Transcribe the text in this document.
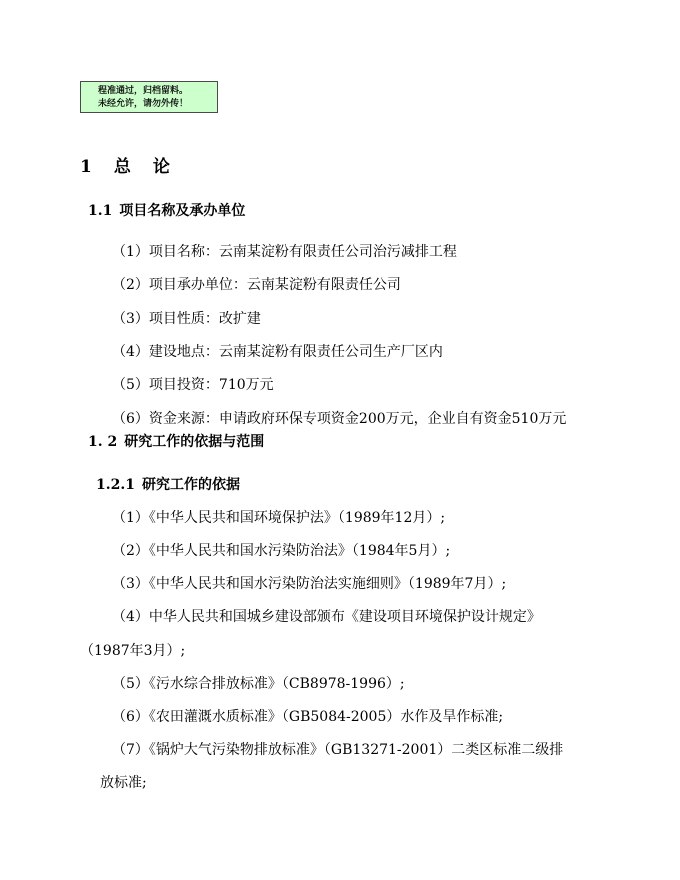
程准通过，归档留料。
未经允许，请勿外传！
1 总 论
1.1 项目名称及承办单位
（1）项目名称：云南某淀粉有限责任公司治污减排工程
（2）项目承办单位：云南某淀粉有限责任公司
（3）项目性质：改扩建
（4）建设地点：云南某淀粉有限责任公司生产厂区内
（5）项目投资：710万元
（6）资金来源：申请政府环保专项资金200万元，企业自有资金510万元
1. 2 研究工作的依据与范围
1.2.1 研究工作的依据
（1）《中华人民共和国环境保护法》（1989年12月）;
（2）《中华人民共和国水污染防治法》（1984年5月）;
（3）《中华人民共和国水污染防治法实施细则》（1989年7月）;
（4）中华人民共和国城乡建设部颁布《建设项目环境保护设计规定》
（1987年3月）;
（5）《污水综合排放标准》（CB8978-1996）;
（6）《农田灌溉水质标准》（GB5084-2005）水作及旱作标准;
（7）《锅炉大气污染物排放标准》（GB13271-2001）二类区标准二级排
放标准;
